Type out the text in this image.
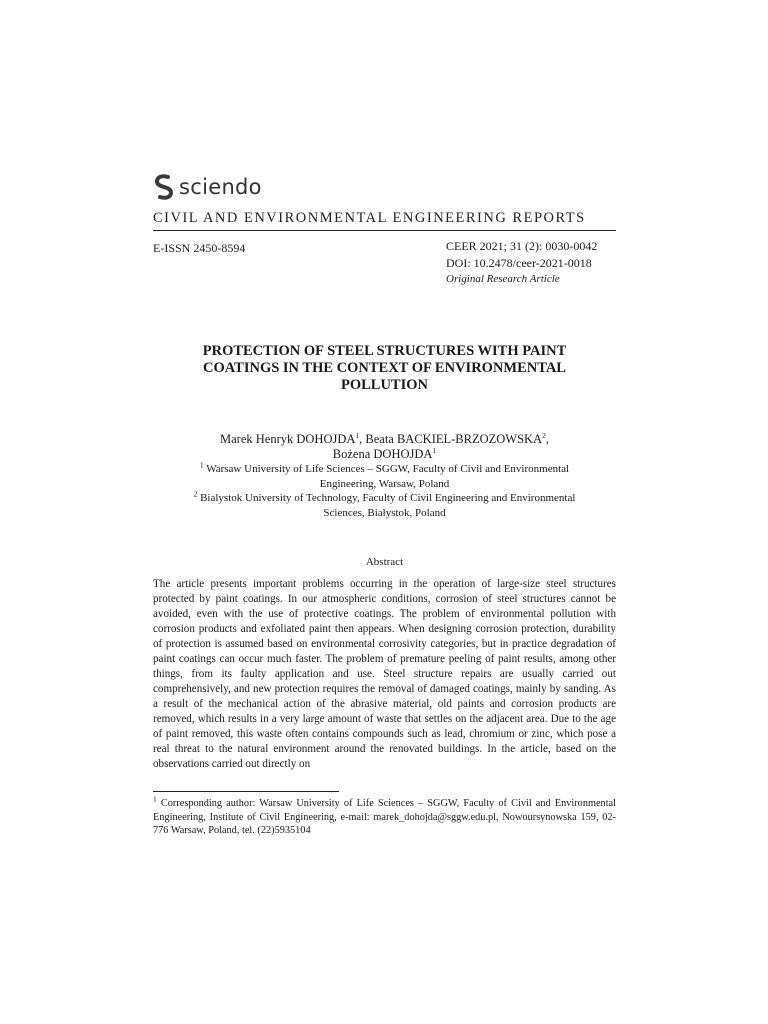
sciendo
CIVIL AND ENVIRONMENTAL ENGINEERING REPORTS
E-ISSN 2450-8594	CEER 2021; 31 (2): 0030-0042
DOI: 10.2478/ceer-2021-0018
Original Research Article
PROTECTION OF STEEL STRUCTURES WITH PAINT
COATINGS IN THE CONTEXT OF ENVIRONMENTAL
POLLUTION
Marek Henryk DOHOJDA$^1$, Beata BACKIEL-BRZOZOWSKA$^2$,
Bożena DOHOJDA$^1$
$^1$ Warsaw University of Life Sciences – SGGW, Faculty of Civil and Environmental
Engineering, Warsaw, Poland
$^2$ Bialystok University of Technology, Faculty of Civil Engineering and Environmental
Sciences, Białystok, Poland
Abstract

The article presents important problems occurring in the operation of large-size steel structures protected by paint coatings. In our atmospheric conditions, corrosion of steel structures cannot be avoided, even with the use of protective coatings. The problem of environmental pollution with corrosion products and exfoliated paint then appears. When designing corrosion protection, durability of protection is assumed based on environmental corrosivity categories, but in practice degradation of paint coatings can occur much faster. The problem of premature peeling of paint results, among other things, from its faulty application and use. Steel structure repairs are usually carried out comprehensively, and new protection requires the removal of damaged coatings, mainly by sanding. As a result of the mechanical action of the abrasive material, old paints and corrosion products are removed, which results in a very large amount of waste that settles on the adjacent area. Due to the age of paint removed, this waste often contains compounds such as lead, chromium or zinc, which pose a real threat to the natural environment around the renovated buildings. In the article, based on the observations carried out directly on

$^1$ Corresponding author: Warsaw University of Life Sciences – SGGW, Faculty of Civil and Environmental Engineering, Institute of Civil Engineering, e-mail: marek_dohojda@sggw.edu.pl, Nowoursynowska 159, 02-776 Warsaw, Poland, tel. (22)5935104
